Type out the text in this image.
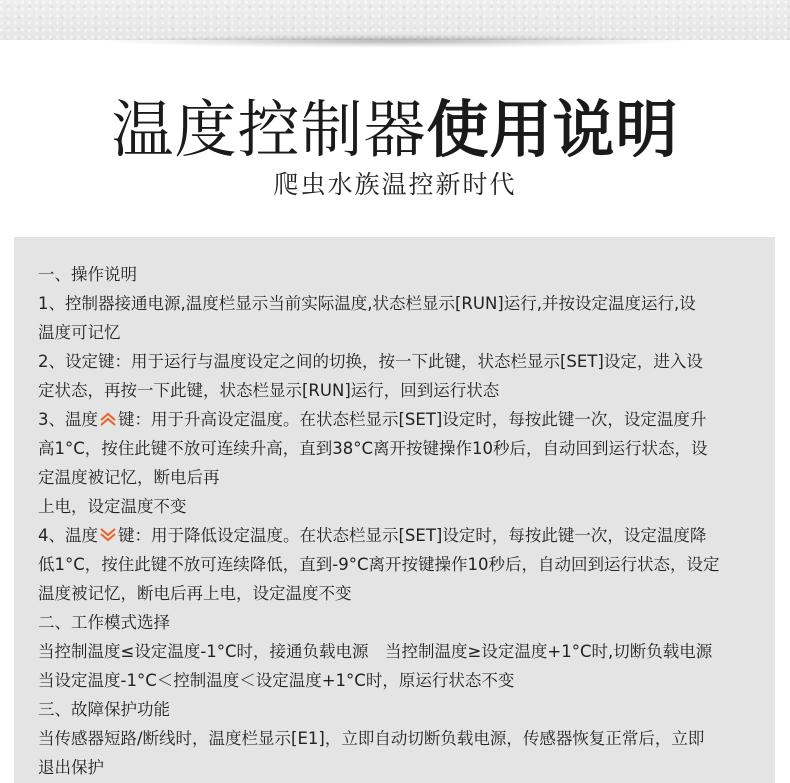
温度控制器使用说明
爬虫水族温控新时代
一、操作说明
1、控制器接通电源,温度栏显示当前实际温度,状态栏显示[RUN]运行,并按设定温度运行,设
温度可记忆
2、设定键：用于运行与温度设定之间的切换，按一下此键，状态栏显示[SET]设定，进入设
定状态，再按一下此键，状态栏显示[RUN]运行，回到运行状态
3、温度 键：用于升高设定温度。在状态栏显示[SET]设定时，每按此键一次，设定温度升
高1°C，按住此键不放可连续升高，直到38°C离开按键操作10秒后，自动回到运行状态，设
定温度被记忆，断电后再
上电，设定温度不变
4、温度 键：用于降低设定温度。在状态栏显示[SET]设定时，每按此键一次，设定温度降
低1°C，按住此键不放可连续降低，直到-9°C离开按键操作10秒后，自动回到运行状态，设定
温度被记忆，断电后再上电，设定温度不变
二、工作模式选择
当控制温度≤设定温度-1°C时，接通负载电源　当控制温度≥设定温度+1°C时,切断负载电源
当设定温度-1°C＜控制温度＜设定温度+1°C时，原运行状态不变
三、故障保护功能
当传感器短路/断线时，温度栏显示[E1]，立即自动切断负载电源，传感器恢复正常后，立即
退出保护
